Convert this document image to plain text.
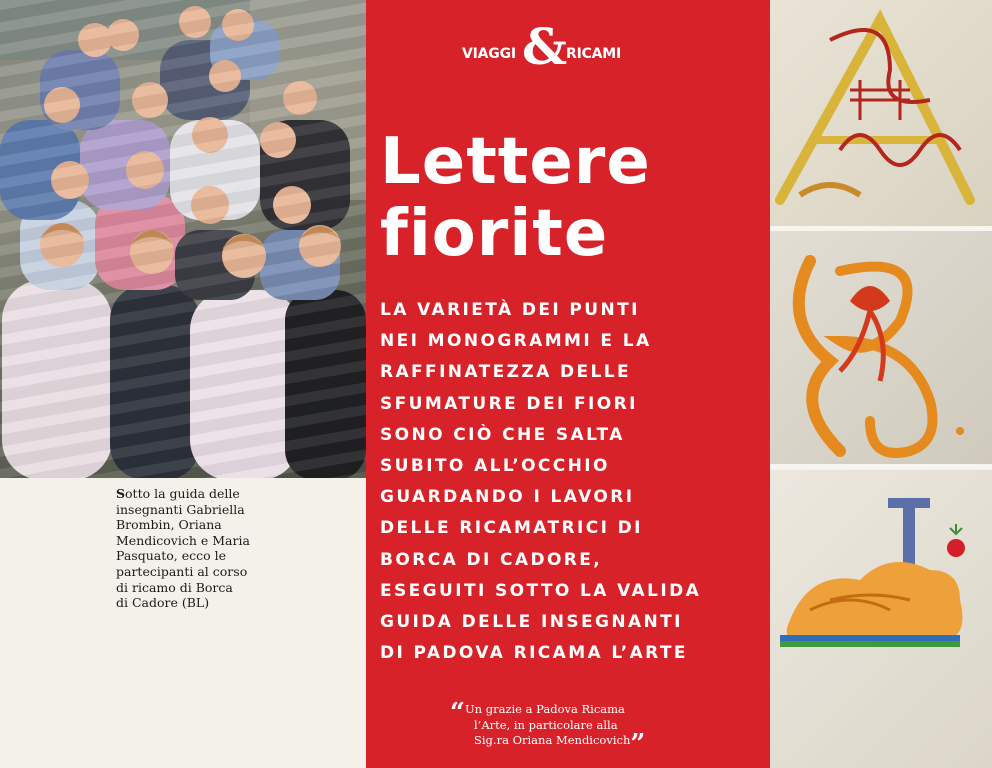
Sotto la guida delle
insegnanti Gabriella
Brombin, Oriana
Mendicovich e Maria
Pasquato, ecco le
partecipanti al corso
di ricamo di Borca
di Cadore (BL)
VIAGGI &
RICAMI
Lettere
fiorite
LA VARIETÀ DEI PUNTI
NEI MONOGRAMMI E LA
RAFFINATEZZA DELLE
SFUMATURE DEI FIORI
SONO CIÒ CHE SALTA
SUBITO ALL’OCCHIO
GUARDANDO I LAVORI
DELLE RICAMATRICI DI
BORCA DI CADORE,
ESEGUITI SOTTO LA VALIDA
GUIDA DELLE INSEGNANTI
DI PADOVA RICAMA L’ARTE
“Un grazie a Padova Ricama
l’Arte, in particolare alla
Sig.ra Oriana Mendicovich”
